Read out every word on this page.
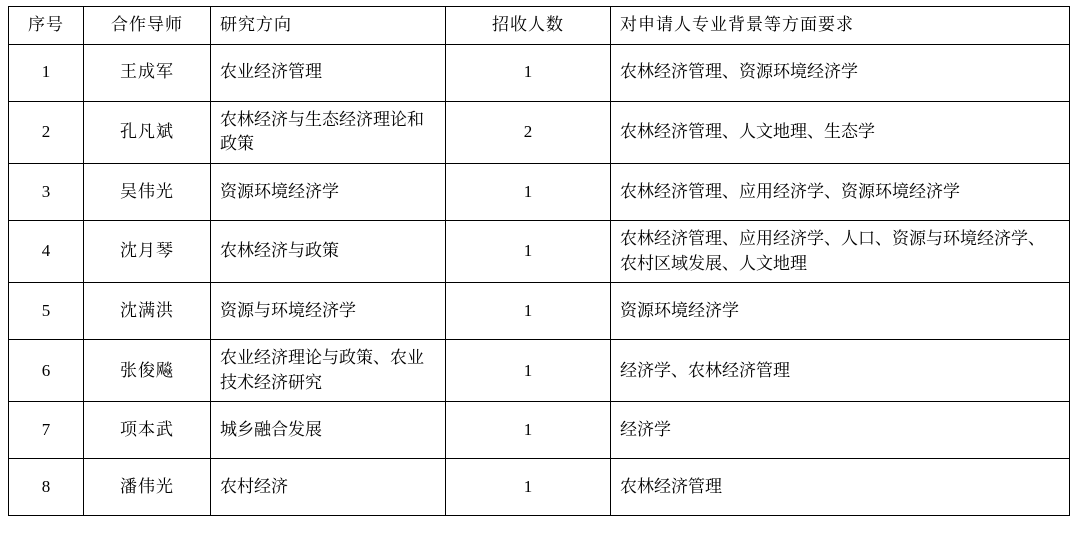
序号	合作导师	研究方向	招收人数	对申请人专业背景等方面要求
1	王成军	农业经济管理	1	农林经济管理、资源环境经济学
2	孔凡斌	农林经济与生态经济理论和政策	2	农林经济管理、人文地理、生态学
3	吴伟光	资源环境经济学	1	农林经济管理、应用经济学、资源环境经济学
4	沈月琴	农林经济与政策	1	农林经济管理、应用经济学、人口、资源与环境经济学、农村区域发展、人文地理
5	沈满洪	资源与环境经济学	1	资源环境经济学
6	张俊飚	农业经济理论与政策、农业技术经济研究	1	经济学、农林经济管理
7	项本武	城乡融合发展	1	经济学
8	潘伟光	农村经济	1	农林经济管理
